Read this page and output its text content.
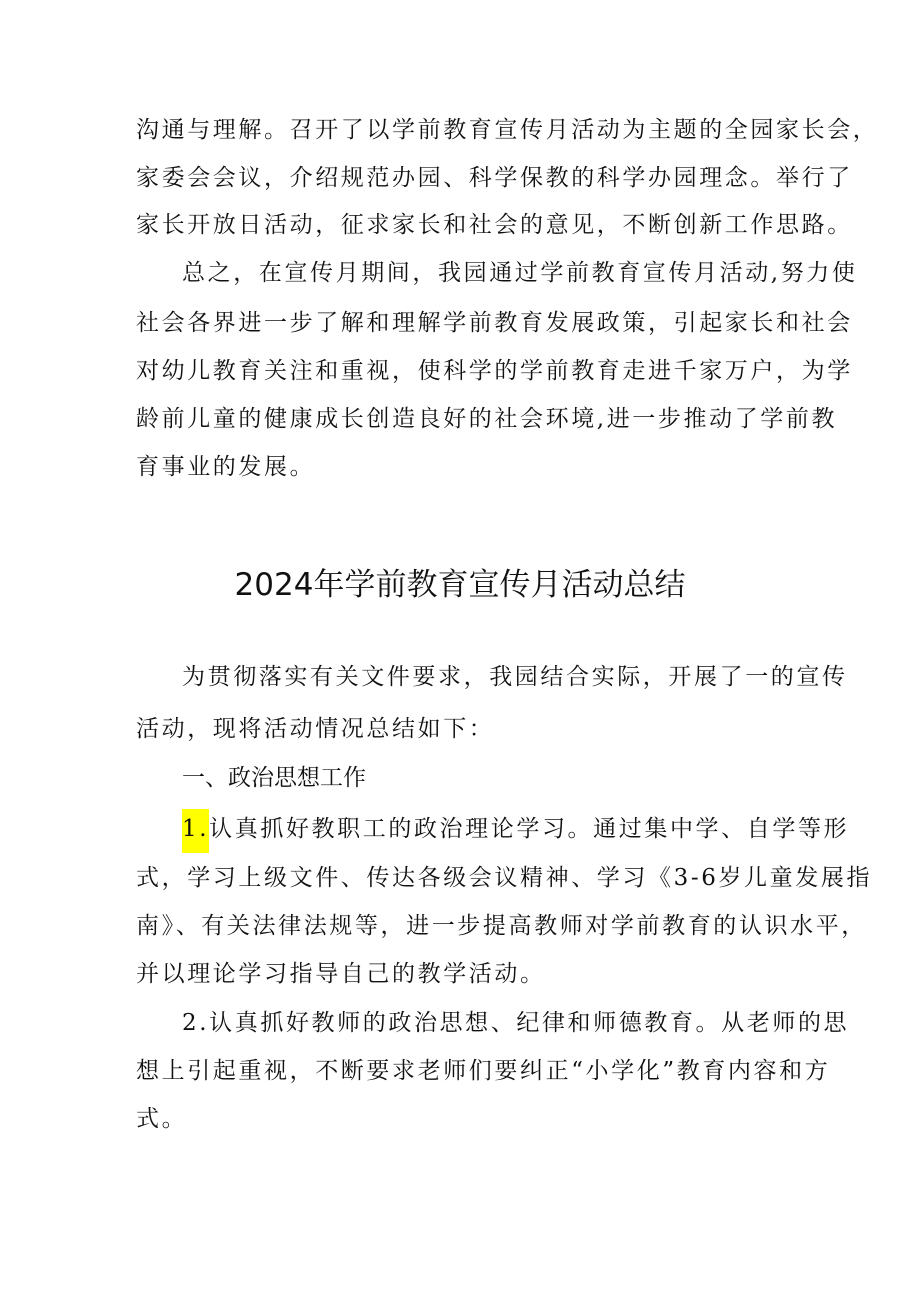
沟通与理解。召开了以学前教育宣传月活动为主题的全园家长会，
家委会会议，介绍规范办园、科学保教的科学办园理念。举行了
家长开放日活动，征求家长和社会的意见，不断创新工作思路。
总之，在宣传月期间，我园通过学前教育宣传月活动,努力使
社会各界进一步了解和理解学前教育发展政策，引起家长和社会
对幼儿教育关注和重视，使科学的学前教育走进千家万户，为学
龄前儿童的健康成长创造良好的社会环境,进一步推动了学前教
育事业的发展。
2024年学前教育宣传月活动总结
为贯彻落实有关文件要求，我园结合实际，开展了一的宣传
活动，现将活动情况总结如下：
一、政治思想工作
1.认真抓好教职工的政治理论学习。通过集中学、自学等形
式，学习上级文件、传达各级会议精神、学习《3-6岁儿童发展指
南》、有关法律法规等，进一步提高教师对学前教育的认识水平，
并以理论学习指导自己的教学活动。
2.认真抓好教师的政治思想、纪律和师德教育。从老师的思
想上引起重视，不断要求老师们要纠正“小学化”教育内容和方
式。
